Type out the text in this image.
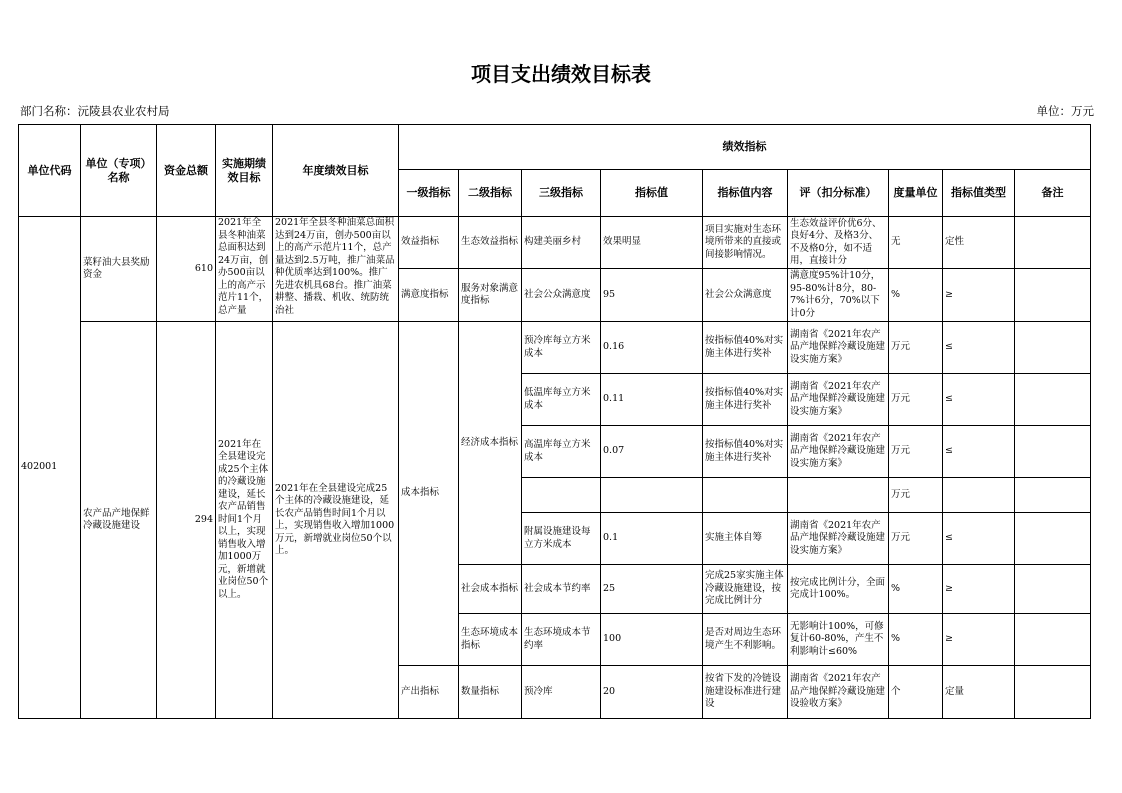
项目支出绩效目标表
部门名称：沅陵县农业农村局	单位：万元
单位代码	单位（专项）名称	资金总额	实施期绩效目标	年度绩效目标	绩效指标								
					一级指标	二级指标	三级指标	指标值	指标值内容	评（扣分标准）	度量单位	指标值类型	备注
402001	菜籽油大县奖励资金	610	2021年全县冬种油菜总面积达到24万亩，创办500亩以上的高产示范片11个，总产量	2021年全县冬种油菜总面积达到24万亩，创办500亩以上的高产示范片11个，总产量达到2.5万吨，推广油菜品种优质率达到100%。推广先进农机具68台。推广油菜耕整、播栽、机收、统防统治社	效益指标	生态效益指标	构建美丽乡村	效果明显	项目实施对生态环境所带来的直接或间接影响情况。	生态效益评价优6分、良好4分、及格3分、不及格0分，如不适用，直接计分	无	定性	
					满意度指标	服务对象满意度指标	社会公众满意度	95	社会公众满意度	满意度95%计10分，95-80%计8分，80-7%计6分，70%以下计0分	%	≥	
	农产品产地保鲜冷藏设施建设	294	2021年在全县建设完成25个主体的冷藏设施建设，延长农产品销售时间1个月以上，实现销售收入增加1000万元，新增就业岗位50个以上。	2021年在全县建设完成25个主体的冷藏设施建设，延长农产品销售时间1个月以上，实现销售收入增加1000万元，新增就业岗位50个以上。	成本指标	经济成本指标	预冷库每立方米成本	0.16	按指标值40%对实施主体进行奖补	湖南省《2021年农产品产地保鲜冷藏设施建设实施方案》	万元	≤	
							低温库每立方米成本	0.11	按指标值40%对实施主体进行奖补	湖南省《2021年农产品产地保鲜冷藏设施建设实施方案》	万元	≤	
							高温库每立方米成本	0.07	按指标值40%对实施主体进行奖补	湖南省《2021年农产品产地保鲜冷藏设施建设实施方案》	万元	≤	
											万元		
							附属设施建设每立方米成本	0.1	实施主体自筹	湖南省《2021年农产品产地保鲜冷藏设施建设实施方案》	万元	≤	
						社会成本指标	社会成本节约率	25	完成25家实施主体冷藏设施建设，按完成比例计分	按完成比例计分，全面完成计100%。	%	≥	
						生态环境成本指标	生态环境成本节约率	100	是否对周边生态环境产生不利影响。	无影响计100%，可修复计60-80%，产生不利影响计≤60%	%	≥	
					产出指标	数量指标	预冷库	20	按省下发的冷链设施建设标准进行建设	湖南省《2021年农产品产地保鲜冷藏设施建设验收方案》	个	定量	
